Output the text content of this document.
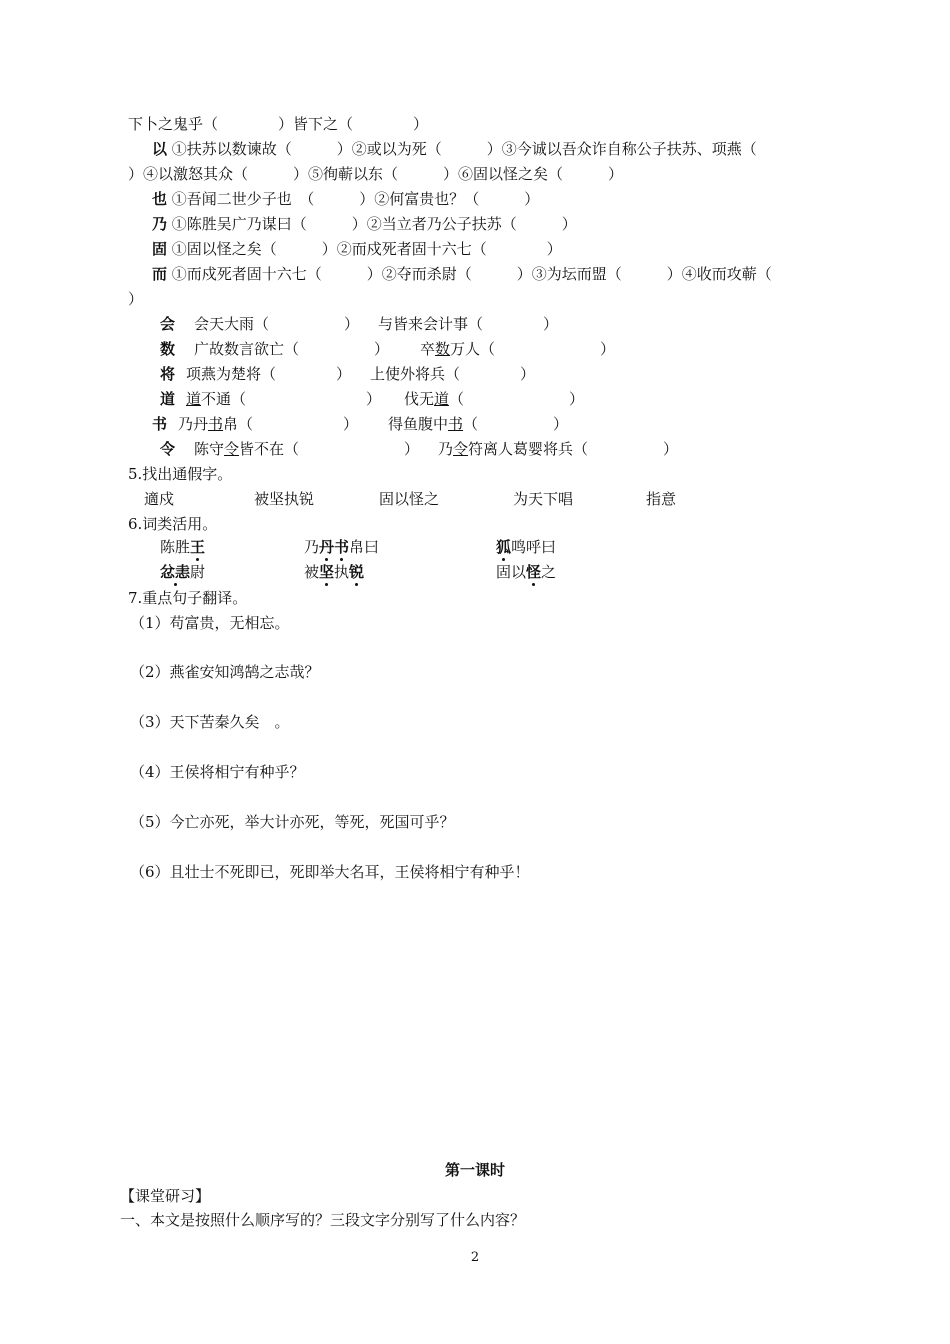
下卜之鬼乎（　　　　）皆下之（　　　　）
以 ①扶苏以数谏故（　　　）②或以为死（　　　）③今诚以吾众诈自称公子扶苏、项燕（
）④以激怒其众（　　　）⑤徇蕲以东（　　　）⑥固以怪之矣（　　　）
也 ①吾闻二世少子也　（　　　）②何富贵也？（　　　）
乃 ①陈胜吴广乃谋曰（　　　）②当立者乃公子扶苏（　　　）
固 ①固以怪之矣（　　　）②而戍死者固十六七（　　　　）
而 ①而戍死者固十六七（　　　）②夺而杀尉（　　　）③为坛而盟（　　　）④收而攻蕲（
）
会 会天大雨（　　　　　） 与皆来会计事（　　　　）
数 广故数言欲亡（　　　　　） 卒数万人（　　　　　　　）
将 项燕为楚将（　　　　） 上使外将兵（　　　　）
道 道不通（　　　　　　　　） 伐无道（　　　　　　　）
书 乃丹书帛（　　　　　　） 得鱼腹中书（　　　　　）
令 陈守令皆不在（　　　　　　　） 乃令符离人葛婴将兵（　　　　　）
5.找出通假字。
適戍	被坚执锐	固以怪之	为天下唱	指意
6.词类活用。
陈胜王	乃丹书帛曰	狐鸣呼曰
忿恚尉	被坚执锐	固以怪之
7.重点句子翻译。
（1）苟富贵，无相忘。
（2）燕雀安知鸿鹄之志哉？
（3）天下苦秦久矣　。
（4）王侯将相宁有种乎？
（5）今亡亦死，举大计亦死，等死，死国可乎？
（6）且壮士不死即已，死即举大名耳，王侯将相宁有种乎！
第一课时
【课堂研习】
一、本文是按照什么顺序写的？三段文字分别写了什么内容？
2
